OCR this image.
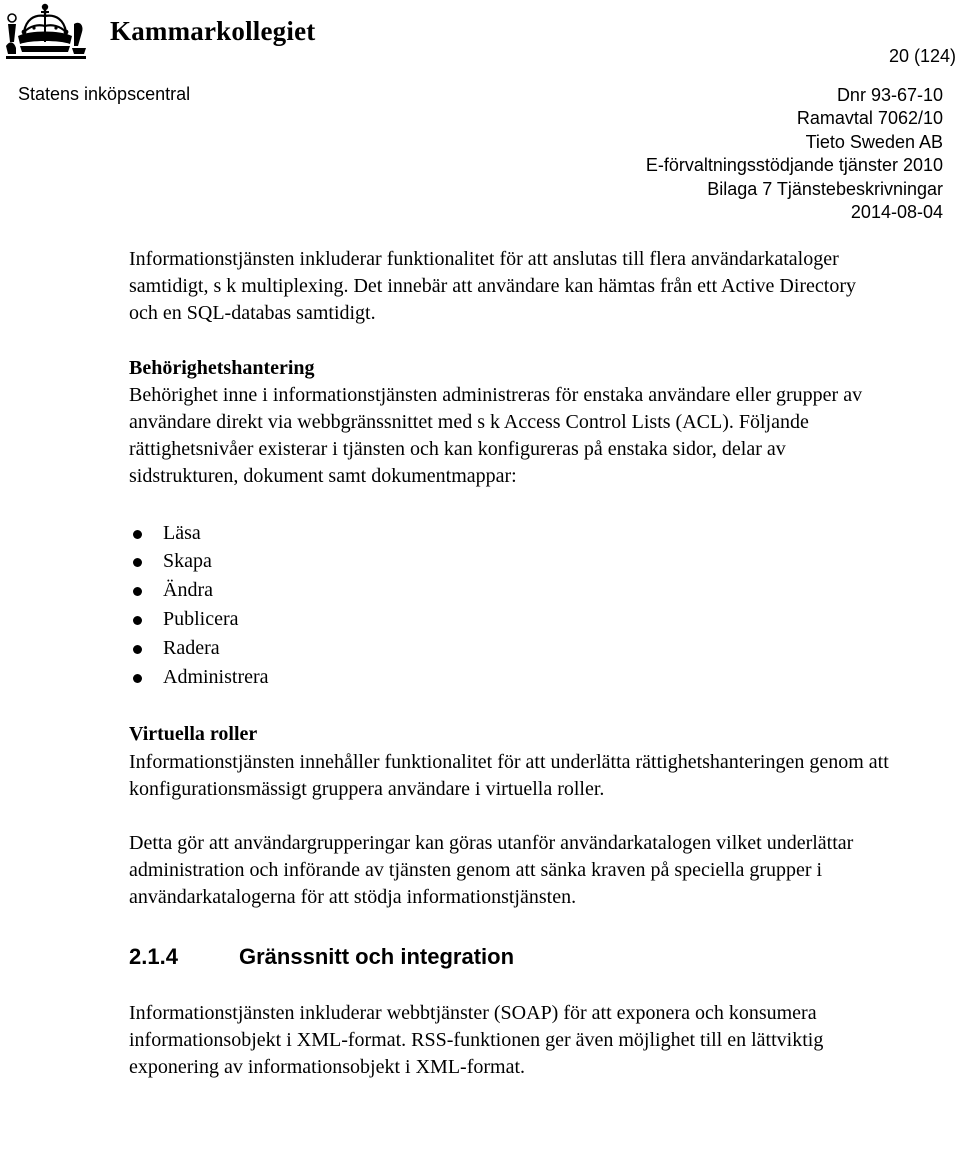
Kammarkollegiet
20 (124)
Statens inköpscentral	Dnr 93-67-10
Ramavtal 7062/10
Tieto Sweden AB
E-förvaltningsstödjande tjänster 2010
Bilaga 7 Tjänstebeskrivningar
2014-08-04

Informationstjänsten inkluderar funktionalitet för att anslutas till flera användarkataloger samtidigt, s k multiplexing. Det innebär att användare kan hämtas från ett Active Directory och en SQL-databas samtidigt.

Behörighetshantering

Behörighet inne i informationstjänsten administreras för enstaka användare eller grupper av användare direkt via webbgränssnittet med s k Access Control Lists (ACL). Följande rättighetsnivåer existerar i tjänsten och kan konfigureras på enstaka sidor, delar av sidstrukturen, dokument samt dokumentmappar:

Läsa
Skapa
Ändra
Publicera
Radera
Administrera

Virtuella roller

Informationstjänsten innehåller funktionalitet för att underlätta rättighetshanteringen genom att konfigurationsmässigt gruppera användare i virtuella roller.

Detta gör att användargrupperingar kan göras utanför användarkatalogen vilket underlättar administration och införande av tjänsten genom att sänka kraven på speciella grupper i användarkatalogerna för att stödja informationstjänsten.

2.1.4	Gränssnitt och integration

Informationstjänsten inkluderar webbtjänster (SOAP) för att exponera och konsumera informationsobjekt i XML-format. RSS-funktionen ger även möjlighet till en lättviktig exponering av informationsobjekt i XML-format.
